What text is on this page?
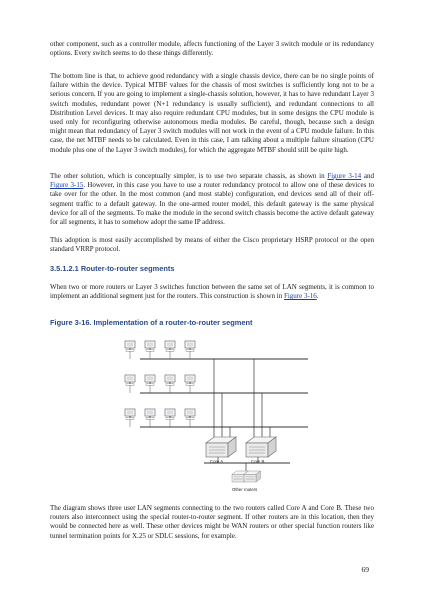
other component, such as a controller module, affects functioning of the Layer 3 switch module or its redundancy options. Every switch seems to do these things differently.

The bottom line is that, to achieve good redundancy with a single chassis device, there can be no single points of failure within the device. Typical MTBF values for the chassis of most switches is sufficiently long not to be a serious concern. If you are going to implement a single-chassis solution, however, it has to have redundant Layer 3 switch modules, redundant power (N+1 redundancy is usually sufficient), and redundant connections to all Distribution Level devices. It may also require redundant CPU modules, but in some designs the CPU module is used only for reconfiguring otherwise autonomous media modules. Be careful, though, because such a design might mean that redundancy of Layer 3 switch modules will not work in the event of a CPU module failure. In this case, the net MTBF needs to be calculated. Even in this case, I am talking about a multiple failure situation (CPU module plus one of the Layer 3 switch modules), for which the aggregate MTBF should still be quite high.

The other solution, which is conceptually simpler, is to use two separate chassis, as shown in Figure 3-14 and Figure 3-15. However, in this case you have to use a router redundancy protocol to allow one of these devices to take over for the other. In the most common (and most stable) configuration, end devices send all of their off-segment traffic to a default gateway. In the one-armed router model, this default gateway is the same physical device for all of the segments. To make the module in the second switch chassis become the active default gateway for all segments, it has to somehow adopt the same IP address.

This adoption is most easily accomplished by means of either the Cisco proprietary HSRP protocol or the open standard VRRP protocol.

3.5.1.2.1 Router-to-router segments

When two or more routers or Layer 3 switches function between the same set of LAN segments, it is common to implement an additional segment just for the routers. This construction is shown in Figure 3-16.

Figure 3-16. Implementation of a router-to-router segment
Core A	Core B
Other routers

The diagram shows three user LAN segments connecting to the two routers called Core A and Core B. These two routers also interconnect using the special router-to-router segment. If other routers are in this location, then they would be connected here as well. These other devices might be WAN routers or other special function routers like tunnel termination points for X.25 or SDLC sessions, for example.

69
